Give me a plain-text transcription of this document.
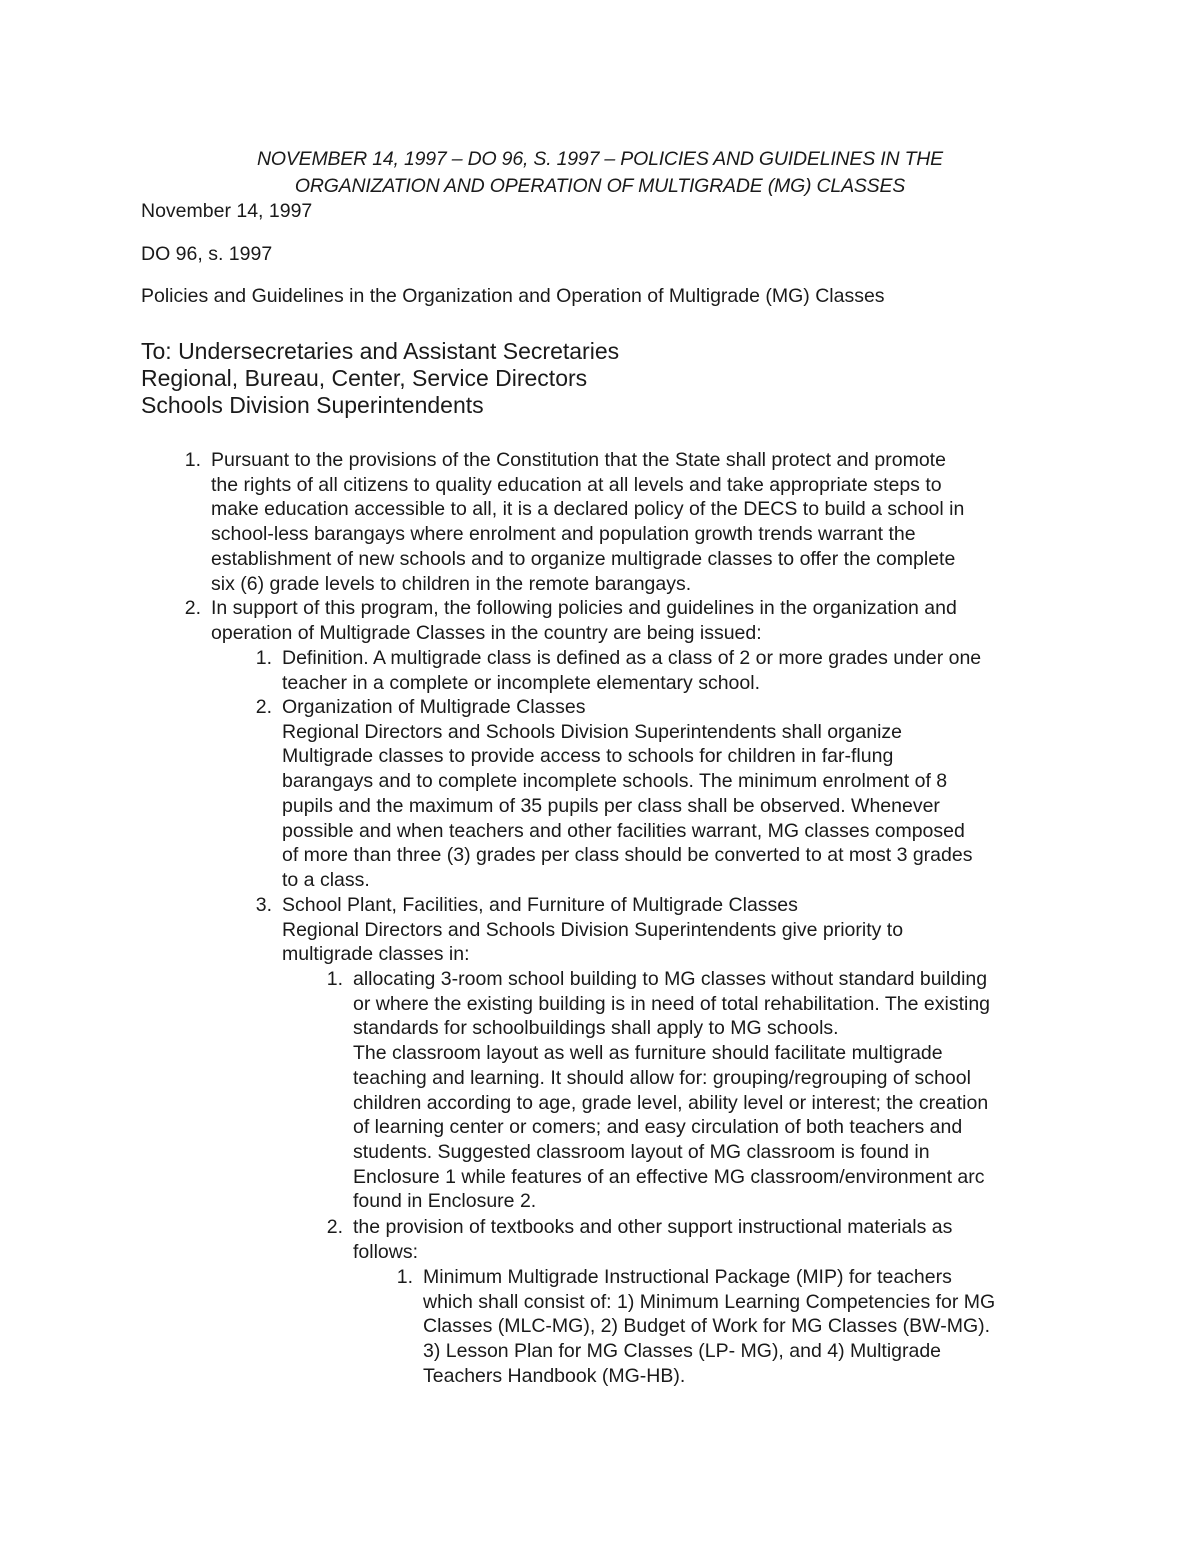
NOVEMBER 14, 1997 – DO 96, S. 1997 – POLICIES AND GUIDELINES IN THE
ORGANIZATION AND OPERATION OF MULTIGRADE (MG) CLASSES
November 14, 1997
DO 96, s. 1997
Policies and Guidelines in the Organization and Operation of Multigrade (MG) Classes
To: Undersecretaries and Assistant Secretaries
Regional, Bureau, Center, Service Directors
Schools Division Superintendents
1. Pursuant to the provisions of the Constitution that the State shall protect and promote
the rights of all citizens to quality education at all levels and take appropriate steps to
make education accessible to all, it is a declared policy of the DECS to build a school in
school-less barangays where enrolment and population growth trends warrant the
establishment of new schools and to organize multigrade classes to offer the complete
six (6) grade levels to children in the remote barangays.
2. In support of this program, the following policies and guidelines in the organization and
operation of Multigrade Classes in the country are being issued:
1. Definition. A multigrade class is defined as a class of 2 or more grades under one
teacher in a complete or incomplete elementary school.
2. Organization of Multigrade Classes
Regional Directors and Schools Division Superintendents shall organize
Multigrade classes to provide access to schools for children in far-flung
barangays and to complete incomplete schools. The minimum enrolment of 8
pupils and the maximum of 35 pupils per class shall be observed. Whenever
possible and when teachers and other facilities warrant, MG classes composed
of more than three (3) grades per class should be converted to at most 3 grades
to a class.
3. School Plant, Facilities, and Furniture of Multigrade Classes
Regional Directors and Schools Division Superintendents give priority to
multigrade classes in:
1. allocating 3-room school building to MG classes without standard building
or where the existing building is in need of total rehabilitation. The existing
standards for schoolbuildings shall apply to MG schools.
The classroom layout as well as furniture should facilitate multigrade
teaching and learning. It should allow for: grouping/regrouping of school
children according to age, grade level, ability level or interest; the creation
of learning center or comers; and easy circulation of both teachers and
students. Suggested classroom layout of MG classroom is found in
Enclosure 1 while features of an effective MG classroom/environment arc
found in Enclosure 2.
2. the provision of textbooks and other support instructional materials as
follows:
1. Minimum Multigrade Instructional Package (MIP) for teachers
which shall consist of: 1) Minimum Learning Competencies for MG
Classes (MLC-MG), 2) Budget of Work for MG Classes (BW-MG).
3) Lesson Plan for MG Classes (LP- MG), and 4) Multigrade
Teachers Handbook (MG-HB).
